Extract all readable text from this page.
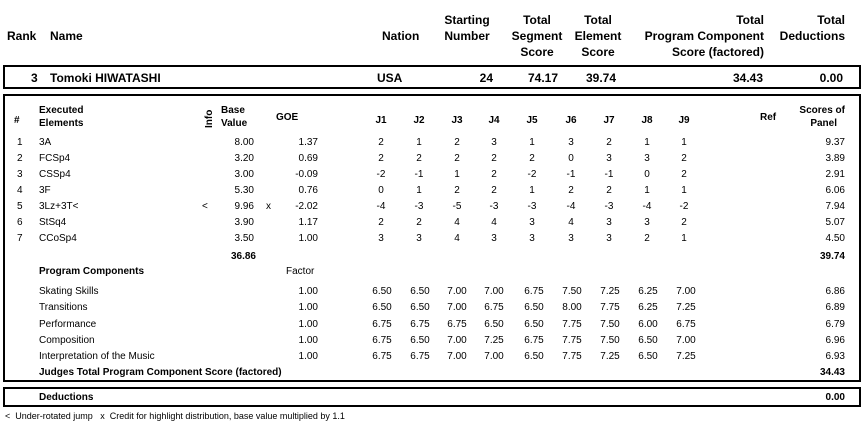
Rank Name	Nation
Starting
Number
Total
Segment
Score
Total
Element
Score
Total
Program Component
Score (factored)
Total
Deductions
3 Tomoki HIWATASHI	USA	24	74.17 39.74	34.43	0.00
#
Executed
Elements	Info Base
Value
GOE	J1	J2	J3	J4	J5	J6	J7	J8	J9	Ref
Scores of
Panel
1 3A	8.00	1.37	2	1	2	3	1	3	2	1	1	9.37
2 FCSp4	3.20	0.69	2	2	2	2	2	0	3	3	2	3.89
3 CSSp4	3.00	-0.09	-2	-1	1	2	-2	-1	-1	0	2	2.91
4 3F	5.30	0.76	0	1	2	2	1	2	2	1	1	6.06
5 3Lz+3T<	<	9.96 x -2.02	-4	-3	-5	-3	-3	-4	-3	-4	-2	7.94
6 StSq4	3.90	1.17	2	2	4	4	3	4	3	3	2	5.07
7 CCoSp4	3.50	1.00	3	3	4	3	3	3	3	2	1	4.50
36.86	39.74
Program Components	Factor
Skating Skills	1.00	6.50	6.50	7.00	7.00	6.75	7.50	7.25	6.25	7.00	6.86
Transitions	1.00	6.50	6.50	7.00	6.75	6.50	8.00	7.75	6.25	7.25	6.89
Performance	1.00	6.75	6.75	6.75	6.50	6.50	7.75	7.50	6.00	6.75	6.79
Composition	1.00	6.75	6.50	7.00	7.25	6.75	7.75	7.50	6.50	7.00	6.96
Interpretation of the Music	1.00	6.75	6.75	7.00	7.00	6.50	7.75	7.25	6.50	7.25	6.93
Judges Total Program Component Score (factored)	34.43
Deductions	0.00
<  Under-rotated jump   x  Credit for highlight distribution, base value multiplied by 1.1
